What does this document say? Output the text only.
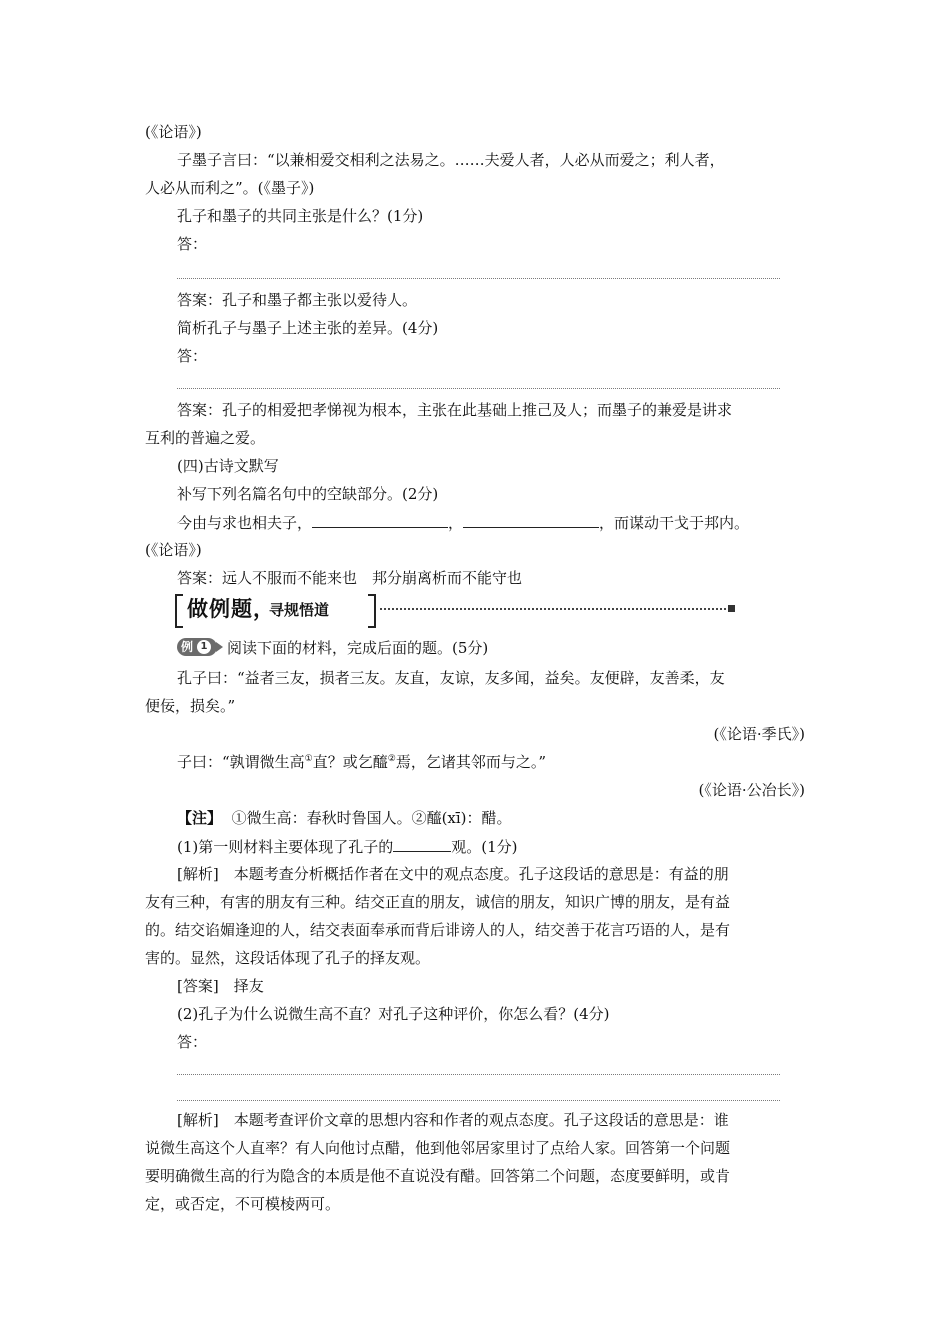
(《论语》)
子墨子言曰：“以兼相爱交相利之法易之。……夫爱人者，人必从而爱之；利人者，
人必从而利之”。(《墨子》)
孔子和墨子的共同主张是什么？(1分)
答：
答案：孔子和墨子都主张以爱待人。
简析孔子与墨子上述主张的差异。(4分)
答：
答案：孔子的相爱把孝悌视为根本，主张在此基础上推己及人；而墨子的兼爱是讲求
互利的普遍之爱。
(四)古诗文默写
补写下列名篇名句中的空缺部分。(2分)
今由与求也相夫子，	，	，而谋动干戈于邦内。
(《论语》)
答案：远人不服而不能来也　邦分崩离析而不能守也
做例题，
寻规悟道
例 1 阅读下面的材料，完成后面的题。(5分)
孔子曰：“益者三友，损者三友。友直，友谅，友多闻，益矣。友便辟，友善柔，友
便佞，损矣。”
(《论语·季氏》)
子曰：“孰谓微生高①直？或乞醯②焉，乞诸其邻而与之。”
(《论语·公冶长》)
【注】 ①微生高：春秋时鲁国人。②醯(xī)：醋。
(1)第一则材料主要体现了孔子的	观。(1分)
[解析]　本题考查分析概括作者在文中的观点态度。孔子这段话的意思是：有益的朋
友有三种，有害的朋友有三种。结交正直的朋友，诚信的朋友，知识广博的朋友，是有益
的。结交谄媚逢迎的人，结交表面奉承而背后诽谤人的人，结交善于花言巧语的人，是有
害的。显然，这段话体现了孔子的择友观。
[答案]　择友
(2)孔子为什么说微生高不直？对孔子这种评价，你怎么看？(4分)
答：
[解析]　本题考查评价文章的思想内容和作者的观点态度。孔子这段话的意思是：谁
说微生高这个人直率？有人向他讨点醋，他到他邻居家里讨了点给人家。回答第一个问题
要明确微生高的行为隐含的本质是他不直说没有醋。回答第二个问题，态度要鲜明，或肯
定，或否定，不可模棱两可。
